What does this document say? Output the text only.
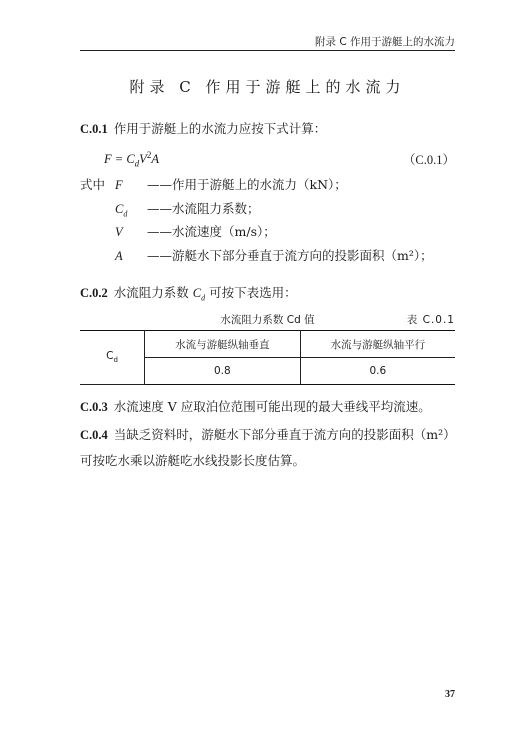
附录 C 作用于游艇上的水流力
附录 C 作用于游艇上的水流力
C.0.1 作用于游艇上的水流力应按下式计算：
$F = C_dV^2A$	（C.0.1）
式中 F ——作用于游艇上的水流力（kN）；
$C_d$ ——水流阻力系数；
V ——水流速度（m/s）；
A ——游艇水下部分垂直于流方向的投影面积（m²）；
C.0.2 水流阻力系数 $C_d$ 可按下表选用：
水流阻力系数 Cd 值	表 C.0.1
$C_d$	水流与游艇纵轴垂直	水流与游艇纵轴平行
	0.8	0.6
C.0.3 水流速度 V 应取泊位范围可能出现的最大垂线平均流速。
C.0.4 当缺乏资料时，游艇水下部分垂直于流方向的投影面积（m²）
可按吃水乘以游艇吃水线投影长度估算。
37
